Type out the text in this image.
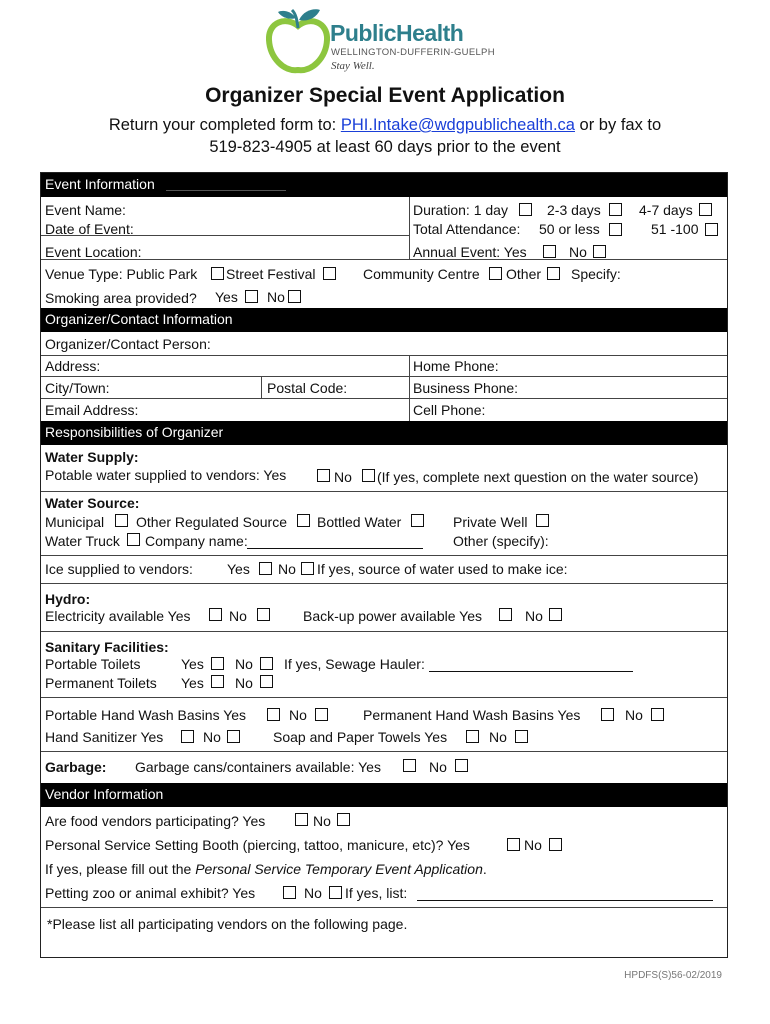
PublicHealth
WELLINGTON-DUFFERIN-GUELPH
Stay Well.
Organizer Special Event Application
Return your completed form to: PHI.Intake@wdgpublichealth.ca or by fax to
519-823-4905 at least 60 days prior to the event
Event Information
Event Name:
Date of Event:
Event Location:
Duration: 1 day	2-3 days	4-7 days
Total Attendance: 50 or less	51 -100
Annual Event: Yes	No
Venue Type: Public Park Street Festival	Community Centre Other Specify:
Smoking area provided? Yes No
Organizer/Contact Information
Organizer/Contact Person:
Address:	Home Phone:
City/Town:	Postal Code:	Business Phone:
Email Address:	Cell Phone:
Responsibilities of Organizer
Water Supply:
Potable water supplied to vendors: Yes	No (If yes, complete next question on the water source)
Water Source:
Municipal Other Regulated Source Bottled Water	Private Well
Water Truck Company name:	Other (specify):
Ice supplied to vendors: Yes No If yes, source of water used to make ice:
Hydro:
Electricity available Yes	No	Back-up power available Yes	No
Sanitary Facilities:
Portable Toilets	Yes No If yes, Sewage Hauler:
Permanent Toilets Yes No
Portable Hand Wash Basins Yes	No	Permanent Hand Wash Basins Yes	No
Hand Sanitizer Yes	No	Soap and Paper Towels Yes	No
Garbage: Garbage cans/containers available: Yes	No
Vendor Information
Are food vendors participating? Yes	No
Personal Service Setting Booth (piercing, tattoo, manicure, etc)? Yes	No
If yes, please fill out the Personal Service Temporary Event Application.
Petting zoo or animal exhibit? Yes	No If yes, list:
*Please list all participating vendors on the following page.
HPDFS(S)56-02/2019
